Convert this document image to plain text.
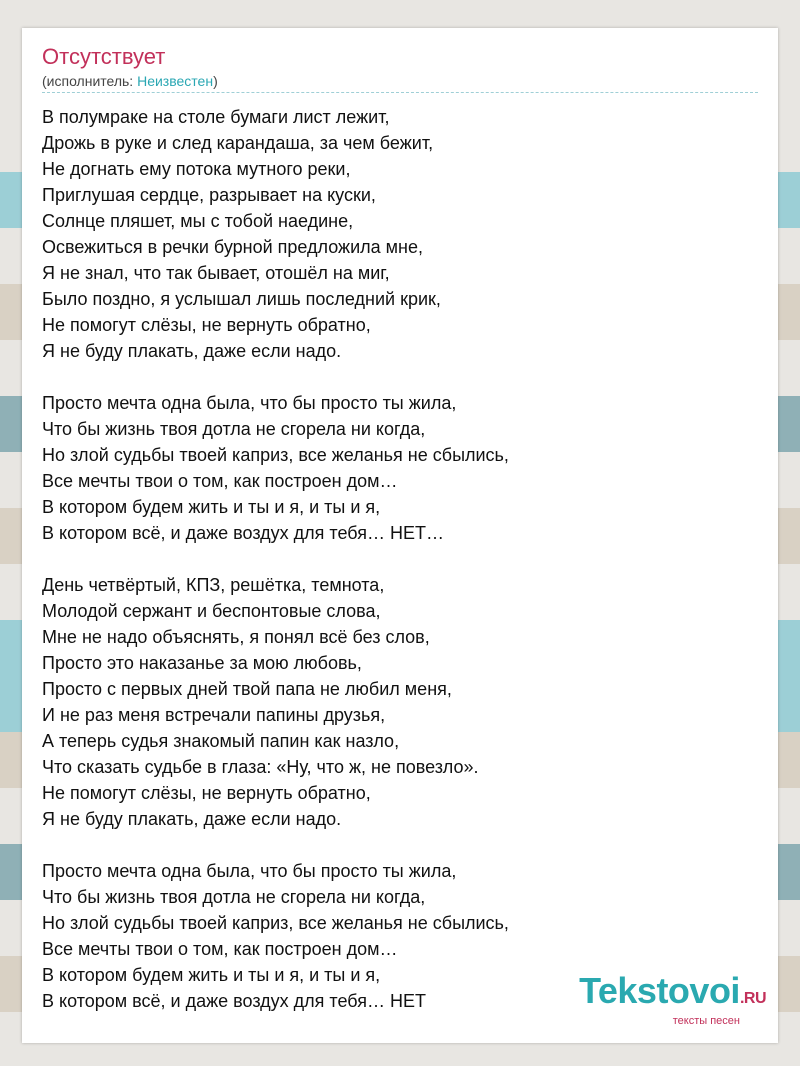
Отсутствует
(исполнитель: Неизвестен)
В полумраке на столе бумаги лист лежит,
Дрожь в руке и след карандаша, за чем бежит,
Не догнать ему потока мутного реки,
Приглушая сердце, разрывает на куски,
Солнце пляшет, мы с тобой наедине,
Освежиться в речки бурной предложила мне,
Я не знал, что так бывает, отошёл на миг,
Было поздно, я услышал лишь последний крик,
Не помогут слёзы, не вернуть обратно,
Я не буду плакать, даже если надо.
Просто мечта одна была, что бы просто ты жила,
Что бы жизнь твоя дотла не сгорела ни когда,
Но злой судьбы твоей каприз, все желанья не сбылись,
Все мечты твои о том, как построен дом…
В котором будем жить и ты и я, и ты и я,
В котором всё, и даже воздух для тебя… НЕТ…
День четвёртый, КПЗ, решётка, темнота,
Молодой сержант и беспонтовые слова,
Мне не надо объяснять, я понял всё без слов,
Просто это наказанье за мою любовь,
Просто с первых дней твой папа не любил меня,
И не раз меня встречали папины друзья,
А теперь судья знакомый папин как назло,
Что сказать судьбе в глаза: «Ну, что ж, не повезло».
Не помогут слёзы, не вернуть обратно,
Я не буду плакать, даже если надо.
Просто мечта одна была, что бы просто ты жила,
Что бы жизнь твоя дотла не сгорела ни когда,
Но злой судьбы твоей каприз, все желанья не сбылись,
Все мечты твои о том, как построен дом…
В котором будем жить и ты и я, и ты и я,
В котором всё, и даже воздух для тебя… НЕТ	Tekstovoi.RU
тексты песен
